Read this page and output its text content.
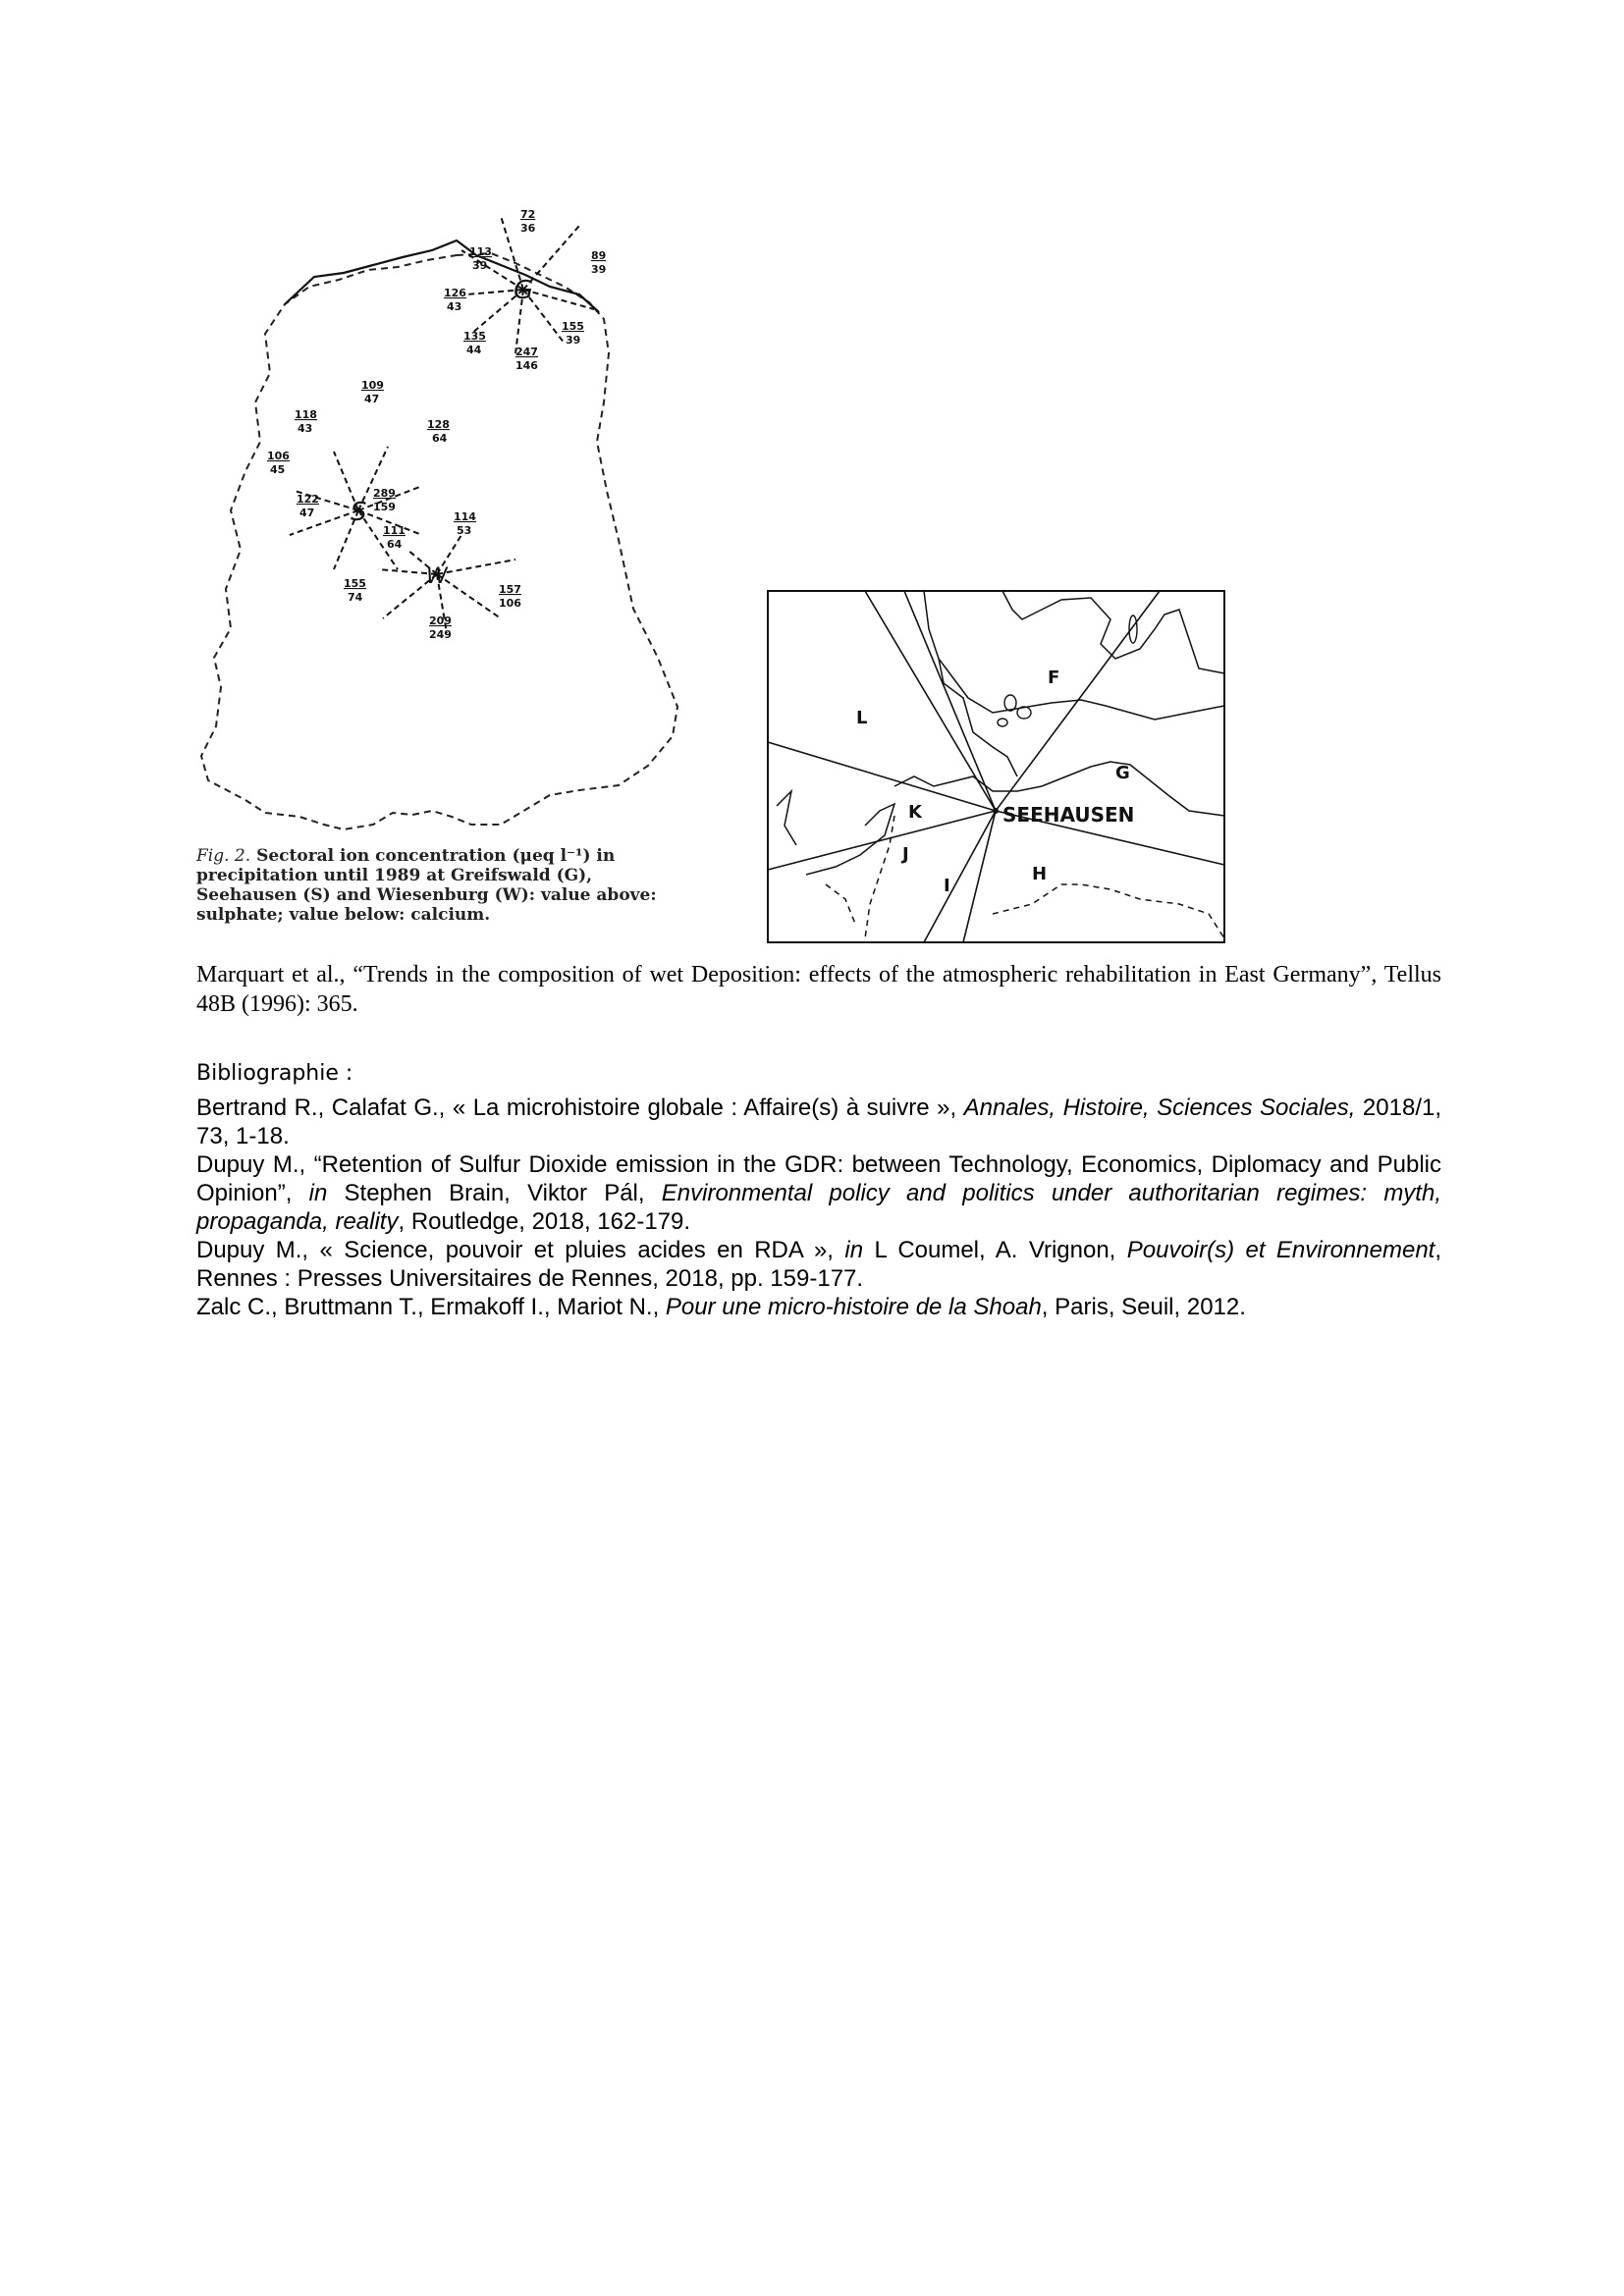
G
S
W
72
36
113
39
89
39
126
43
135
44	247
146
155
39
109
47
118
43	128
64
106
45
122
47
289
159
111
64
114
53
155
74
157
106
209
249
Fig. 2. Sectoral ion concentration (μeq l⁻¹) in precipitation until 1989 at Greifswald (G), Seehausen (S) and Wiesenburg (W): value above: sulphate; value below: calcium.
SEEHAUSEN
F
L
G
K
J
I
H
Marquart et al., “Trends in the composition of wet Deposition: effects of the atmospheric rehabilitation in East Germany”, Tellus 48B (1996): 365.
Bibliographie :

Bertrand R., Calafat G., « La microhistoire globale : Affaire(s) à suivre », Annales, Histoire, Sciences Sociales, 2018/1, 73, 1-18.

Dupuy M., “Retention of Sulfur Dioxide emission in the GDR: between Technology, Economics, Diplomacy and Public Opinion”, in Stephen Brain, Viktor Pál, Environmental policy and politics under authoritarian regimes: myth, propaganda, reality, Routledge, 2018, 162-179.

Dupuy M., « Science, pouvoir et pluies acides en RDA », in L Coumel, A. Vrignon, Pouvoir(s) et Environnement, Rennes : Presses Universitaires de Rennes, 2018, pp. 159-177.

Zalc C., Bruttmann T., Ermakoff I., Mariot N., Pour une micro-histoire de la Shoah, Paris, Seuil, 2012.
